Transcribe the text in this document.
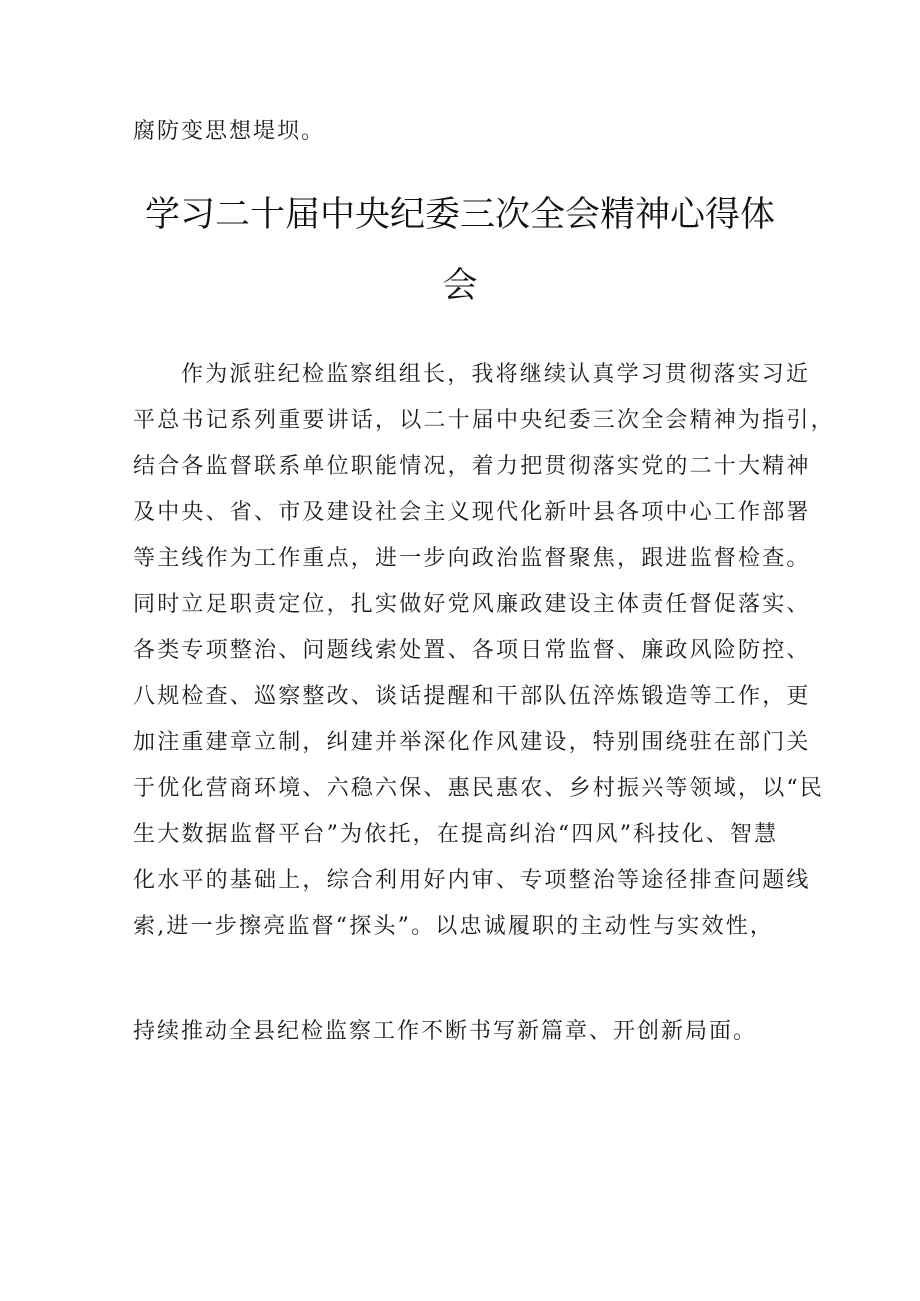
腐防变思想堤坝。
学习二十届中央纪委三次全会精神心得体
会
作为派驻纪检监察组组长，我将继续认真学习贯彻落实习近
平总书记系列重要讲话，以二十届中央纪委三次全会精神为指引，
结合各监督联系单位职能情况，着力把贯彻落实党的二十大精神
及中央、省、市及建设社会主义现代化新叶县各项中心工作部署
等主线作为工作重点，进一步向政治监督聚焦，跟进监督检查。
同时立足职责定位，扎实做好党风廉政建设主体责任督促落实、
各类专项整治、问题线索处置、各项日常监督、廉政风险防控、
八规检查、巡察整改、谈话提醒和干部队伍淬炼锻造等工作，更
加注重建章立制，纠建并举深化作风建设，特别围绕驻在部门关
于优化营商环境、六稳六保、惠民惠农、乡村振兴等领域，以“民
生大数据监督平台”为依托，在提高纠治“四风”科技化、智慧
化水平的基础上，综合利用好内审、专项整治等途径排查问题线
索,进一步擦亮监督“探头”。以忠诚履职的主动性与实效性，
持续推动全县纪检监察工作不断书写新篇章、开创新局面。
